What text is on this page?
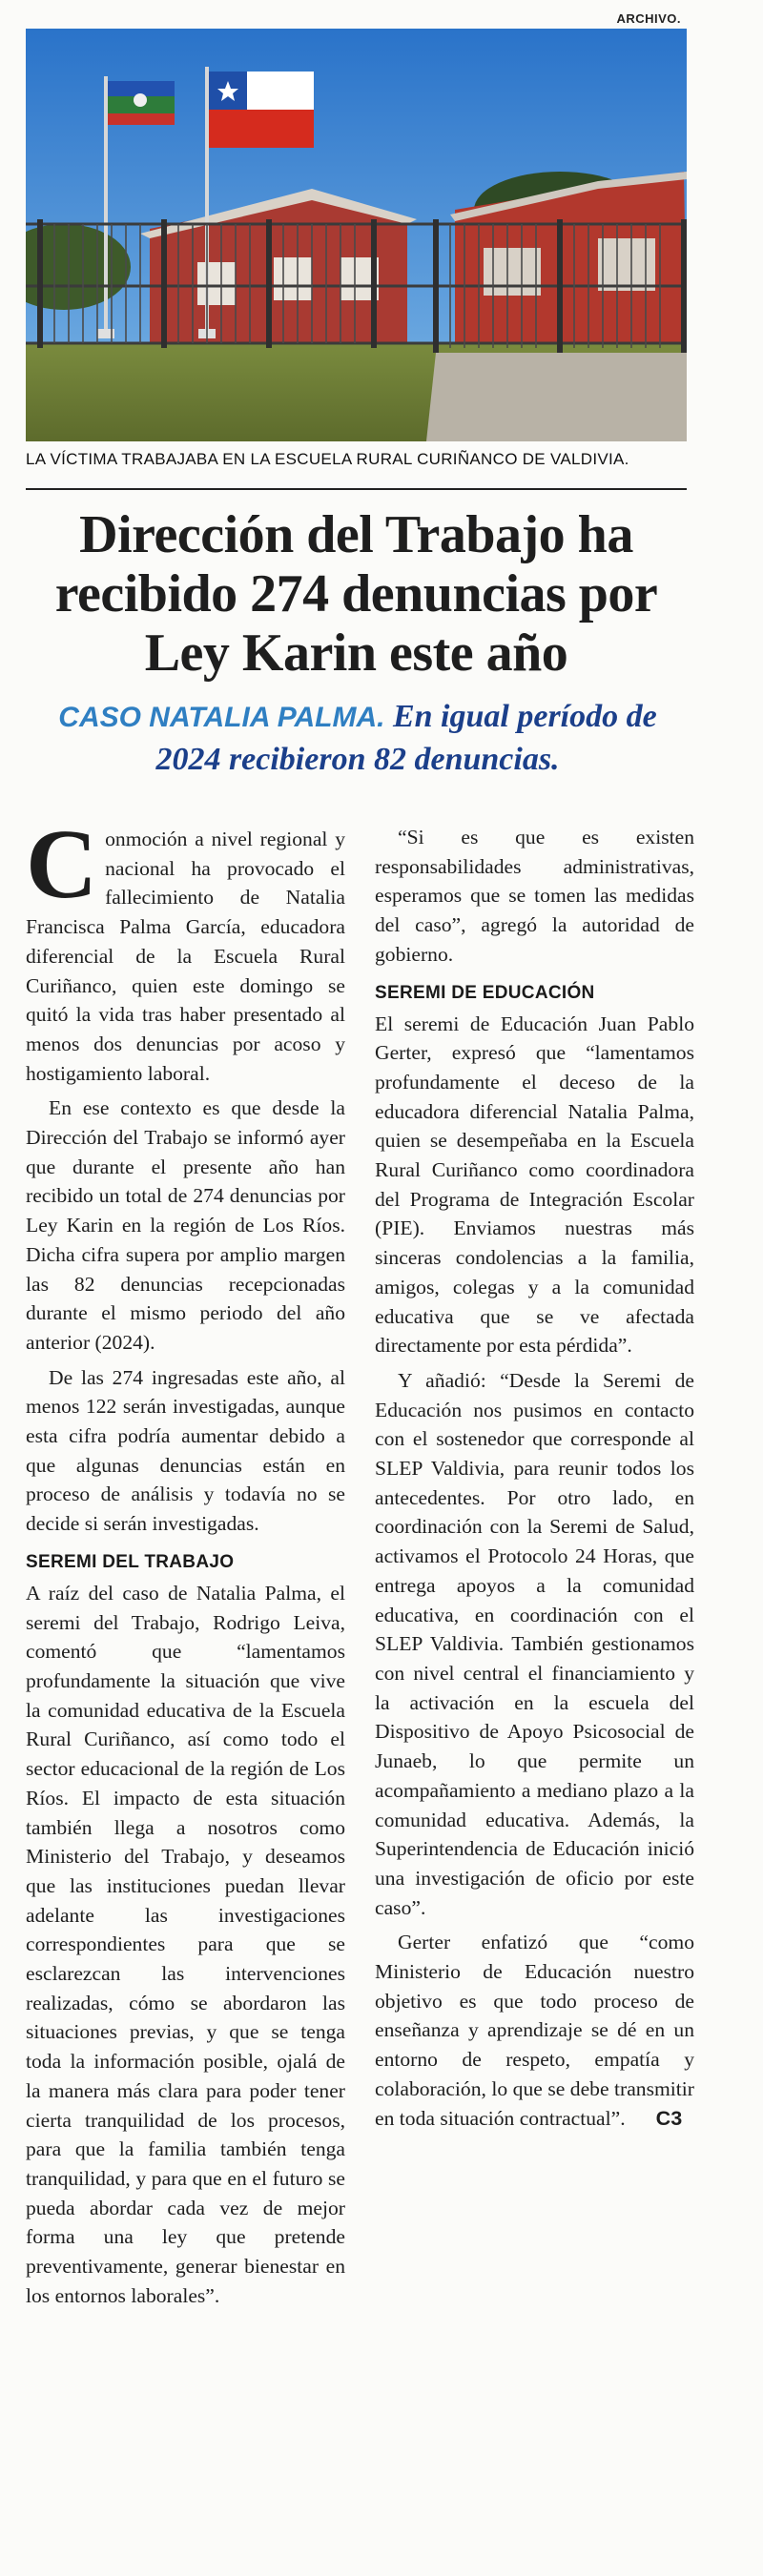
ARCHIVO.
LA VÍCTIMA TRABAJABA EN LA ESCUELA RURAL CURIÑANCO DE VALDIVIA.
Dirección del Trabajo ha recibido 274 denuncias por Ley Karin este año
CASO NATALIA PALMA. En igual período de 2024 recibieron 82 denuncias.

Conmoción a nivel regional y nacional ha provocado el fallecimiento de Natalia Francisca Palma García, educadora diferencial de la Escuela Rural Curiñanco, quien este domingo se quitó la vida tras haber presentado al menos dos denuncias por acoso y hostigamiento laboral.

En ese contexto es que desde la Dirección del Trabajo se informó ayer que durante el presente año han recibido un total de 274 denuncias por Ley Karin en la región de Los Ríos. Dicha cifra supera por amplio margen las 82 denuncias recepcionadas durante el mismo periodo del año anterior (2024).

De las 274 ingresadas este año, al menos 122 serán investigadas, aunque esta cifra podría aumentar debido a que algunas denuncias están en proceso de análisis y todavía no se decide si serán investigadas.

SEREMI DEL TRABAJO

A raíz del caso de Natalia Palma, el seremi del Trabajo, Rodrigo Leiva, comentó que “lamentamos profundamente la situación que vive la comunidad educativa de la Escuela Rural Curiñanco, así como todo el sector educacional de la región de Los Ríos. El impacto de esta situación también llega a nosotros como Ministerio del Trabajo, y deseamos que las instituciones puedan llevar adelante las investigaciones correspondientes para que se esclarezcan las intervenciones realizadas, cómo se abordaron las situaciones previas, y que se tenga toda la información posible, ojalá de la manera más clara para poder tener cierta tranquilidad de los procesos, para que la familia también tenga tranquilidad, y para que en el futuro se pueda abordar cada vez de mejor forma una ley que pretende preventivamente, generar bienestar en los entornos laborales”.

“Si es que es existen responsabilidades administrativas, esperamos que se tomen las medidas del caso”, agregó la autoridad de gobierno.

SEREMI DE EDUCACIÓN

El seremi de Educación Juan Pablo Gerter, expresó que “lamentamos profundamente el deceso de la educadora diferencial Natalia Palma, quien se desempeñaba en la Escuela Rural Curiñanco como coordinadora del Programa de Integración Escolar (PIE). Enviamos nuestras más sinceras condolencias a la familia, amigos, colegas y a la comunidad educativa que se ve afectada directamente por esta pérdida”.

Y añadió: “Desde la Seremi de Educación nos pusimos en contacto con el sostenedor que corresponde al SLEP Valdivia, para reunir todos los antecedentes. Por otro lado, en coordinación con la Seremi de Salud, activamos el Protocolo 24 Horas, que entrega apoyos a la comunidad educativa, en coordinación con el SLEP Valdivia. También gestionamos con nivel central el financiamiento y la activación en la escuela del Dispositivo de Apoyo Psicosocial de Junaeb, lo que permite un acompañamiento a mediano plazo a la comunidad educativa. Además, la Superintendencia de Educación inició una investigación de oficio por este caso”.

Gerter enfatizó que “como Ministerio de Educación nuestro objetivo es que todo proceso de enseñanza y aprendizaje se dé en un entorno de respeto, empatía y colaboración, lo que se debe transmitir en toda situación contractual”. C3
